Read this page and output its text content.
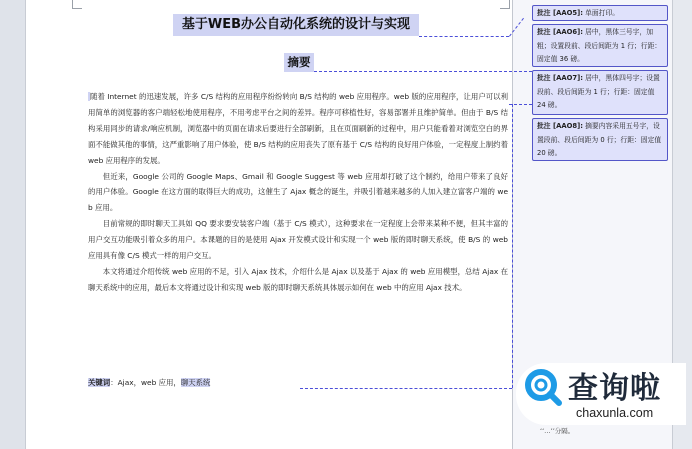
基于WEB办公自动化系统的设计与实现
摘要

随着 Internet 的迅速发展，许多 C/S 结构的应用程序纷纷转向 B/S 结构的 web 应用程序。web 版的应用程序，让用户可以利用简单的浏览器的客户端轻松地使用程序，不用考虑平台之间的差异。程序可移植性好，容易部署并且维护简单。但由于 B/S 结构采用同步的请求/响应机制，浏览器中的页面在请求后要进行全部刷新，且在页面刷新的过程中，用户只能看着对浏览空白的界面不能做其他的事情，这严重影响了用户体验，使 B/S 结构的应用丧失了原有基于 C/S 结构的良好用户体验，一定程度上制约着 web 应用程序的发展。

但近来，Google 公司的 Google Maps、Gmail 和 Google Suggest 等 web 应用却打破了这个制约，给用户带来了良好的用户体验。Google 在这方面的取得巨大的成功，这催生了 Ajax 概念的诞生，并吸引着越来越多的人加入建立富客户端的 web 应用。

目前常规的即时聊天工具如 QQ 要求要安装客户端（基于 C/S 模式），这种要求在一定程度上会带来某种不便，但其丰富的用户交互功能吸引着众多的用户。本课题的目的是使用 Ajax 开发模式设计和实现一个 web 版的即时聊天系统，使 B/S 的 web 应用具有像 C/S 模式一样的用户交互。

本文将通过介绍传统 web 应用的不足，引入 Ajax 技术，介绍什么是 Ajax 以及基于 Ajax 的 web 应用模型，总结 Ajax 在聊天系统中的应用，最后本文将通过设计和实现 web 版的即时聊天系统具体展示如何在 web 中的应用 Ajax 技术。

关键词：Ajax，web 应用，聊天系统
批注 [AAO5]: 单面打印。
批注 [AAO6]: 居中，黑体三号字，加粗；设置段前、段后间距为 1 行；行距：固定值 36 磅。
批注 [AAO7]: 居中，黑体四号字；设置段前、段后间距为 1 行；行距：固定值 24 磅。
批注 [AAO8]: 摘要内容采用五号字，设置段前、段后间距为 0 行；行距：固定值 20 磅。
‘‘…’’分隔。
查询啦
chaxunla.com
